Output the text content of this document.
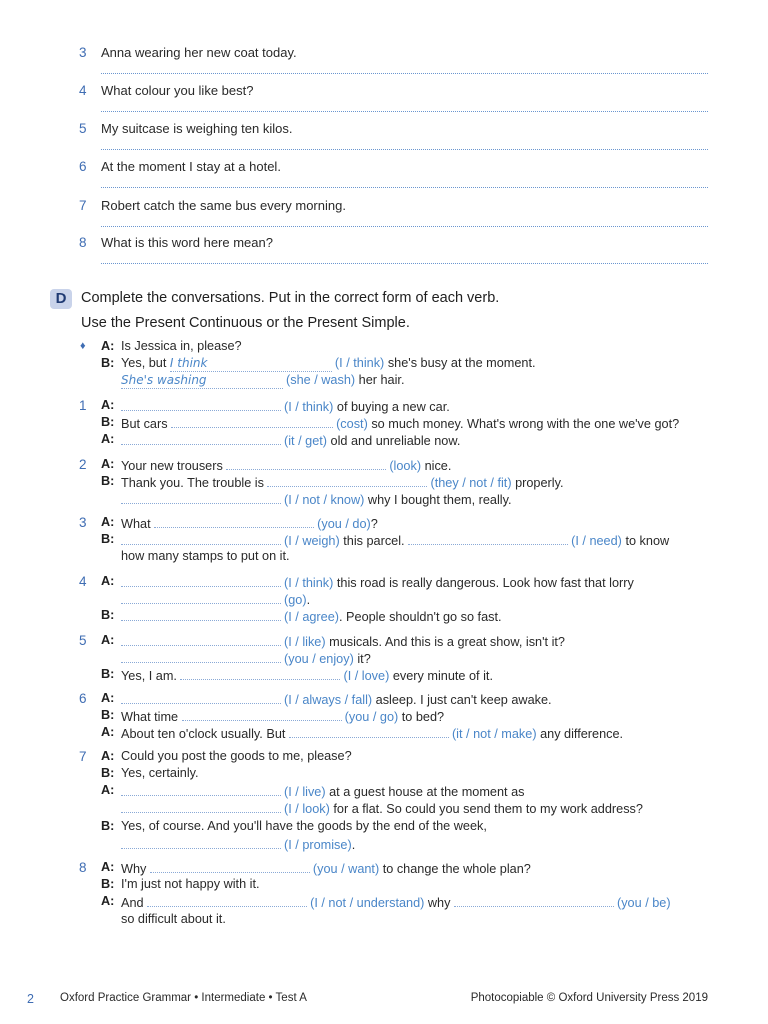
3 Anna wearing her new coat today.
4 What colour you like best?
5 My suitcase is weighing ten kilos.
6 At the moment I stay at a hotel.
7 Robert catch the same bus every morning.
8 What is this word here mean?
D	Complete the conversations. Put in the correct form of each verb.
Use the Present Continuous or the Present Simple.
♦ A: Is Jessica in, please?
B: Yes, but I think	(I / think) she's busy at the moment.
She's washing	(she / wash) her hair.
1 A:	(I / think) of buying a new car.
B: But cars	(cost) so much money. What's wrong with the one we've got?
A:	(it / get) old and unreliable now.
2 A: Your new trousers	(look) nice.
B: Thank you. The trouble is	(they / not / fit) properly.
(I / not / know) why I bought them, really.
3 A: What	(you / do)?
B:	(I / weigh) this parcel.	(I / need) to know
how many stamps to put on it.
4 A:	(I / think) this road is really dangerous. Look how fast that lorry
(go).
B:	(I / agree). People shouldn't go so fast.
5 A:	(I / like) musicals. And this is a great show, isn't it?
(you / enjoy) it?
B: Yes, I am.	(I / love) every minute of it.
6 A:	(I / always / fall) asleep. I just can't keep awake.
B: What time	(you / go) to bed?
A: About ten o'clock usually. But	(it / not / make) any difference.
7 A: Could you post the goods to me, please?
B: Yes, certainly.
A:	(I / live) at a guest house at the moment as
(I / look) for a flat. So could you send them to my work address?
B: Yes, of course. And you'll have the goods by the end of the week,
(I / promise).
8 A: Why	(you / want) to change the whole plan?
B: I'm just not happy with it.
A: And	(I / not / understand) why	(you / be)
so difficult about it.
2 Oxford Practice Grammar • Intermediate • Test A	Photocopiable © Oxford University Press 2019
